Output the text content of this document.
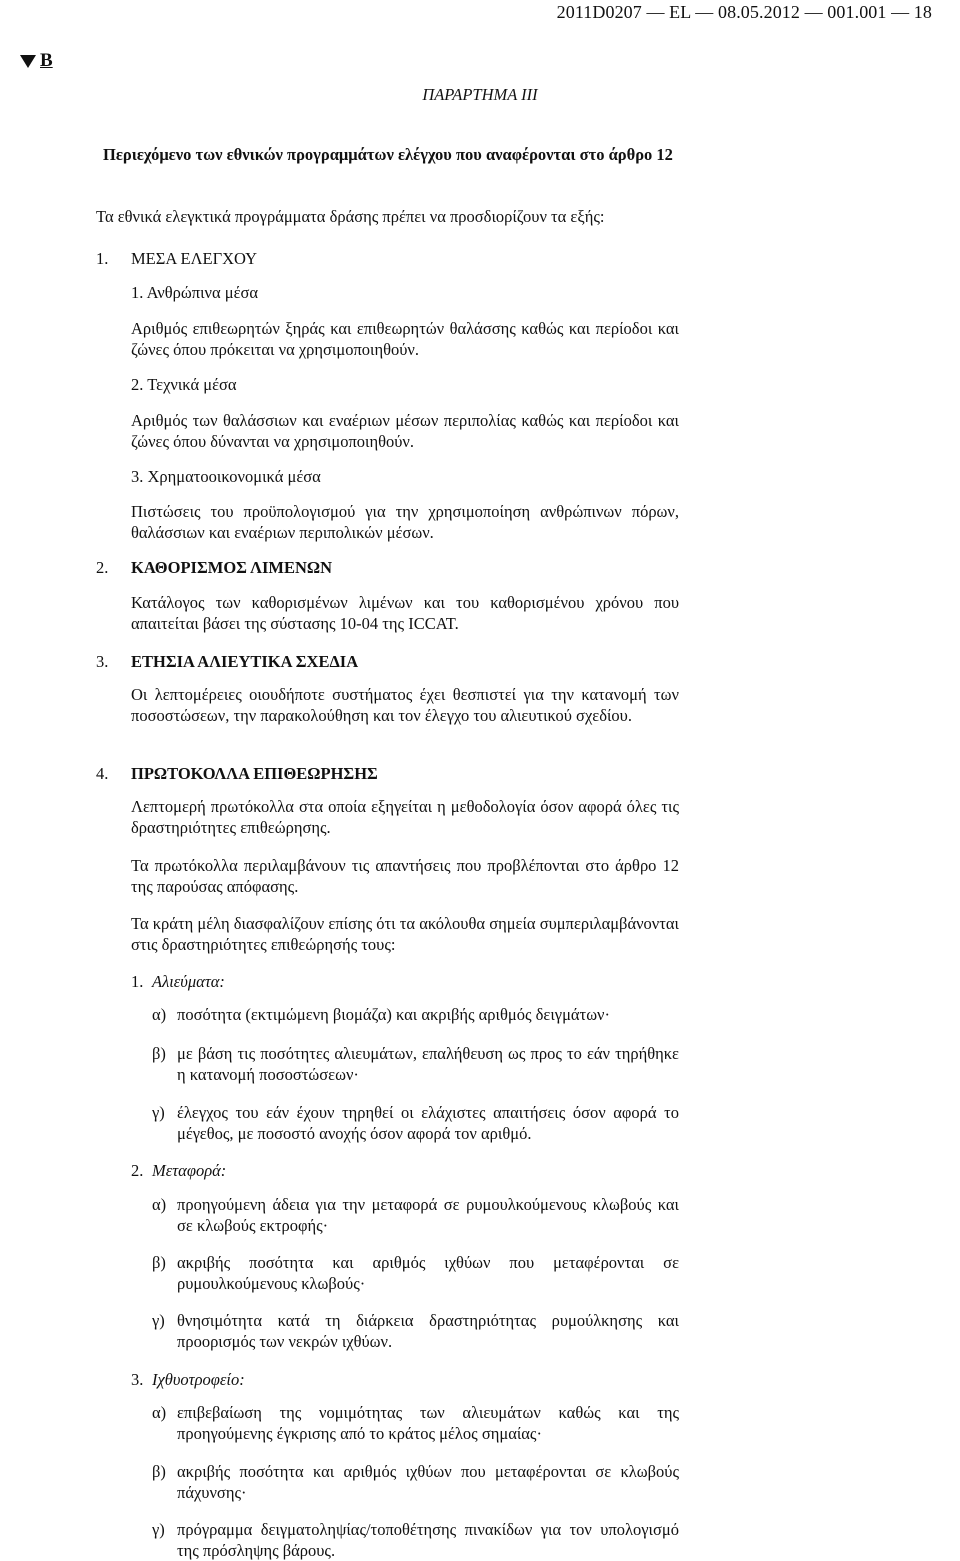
2011D0207 — EL — 08.05.2012 — 001.001 — 18
B
ΠΑΡΑΡΤΗΜΑ III
Περιεχόμενο των εθνικών προγραμμάτων ελέγχου που αναφέρονται στο άρθρο 12
Τα εθνικά ελεγκτικά προγράμματα δράσης πρέπει να προσδιορίζουν τα εξής:
1. ΜΕΣΑ ΕΛΕΓΧΟΥ
1. Ανθρώπινα μέσα
Αριθμός επιθεωρητών ξηράς και επιθεωρητών θαλάσσης καθώς και περίοδοι και ζώνες όπου πρόκειται να χρησιμοποιηθούν.
2. Τεχνικά μέσα
Αριθμός των θαλάσσιων και εναέριων μέσων περιπολίας καθώς και περίοδοι και ζώνες όπου δύνανται να χρησιμοποιηθούν.
3. Χρηματοοικονομικά μέσα
Πιστώσεις του προϋπολογισμού για την χρησιμοποίηση ανθρώπινων πόρων, θαλάσσιων και εναέριων περιπολικών μέσων.
2. ΚΑΘΟΡΙΣΜΟΣ ΛΙΜΕΝΩΝ
Κατάλογος των καθορισμένων λιμένων και του καθορισμένου χρόνου που απαιτείται βάσει της σύστασης 10-04 της ICCAT.
3. ΕΤΗΣΙΑ ΑΛΙΕΥΤΙΚΑ ΣΧΕΔΙΑ
Οι λεπτομέρειες οιουδήποτε συστήματος έχει θεσπιστεί για την κατανομή των ποσοστώσεων, την παρακολούθηση και τον έλεγχο του αλιευτικού σχεδίου.
4. ΠΡΩΤΟΚΟΛΛΑ ΕΠΙΘΕΩΡΗΣΗΣ
Λεπτομερή πρωτόκολλα στα οποία εξηγείται η μεθοδολογία όσον αφορά όλες τις δραστηριότητες επιθεώρησης.
Τα πρωτόκολλα περιλαμβάνουν τις απαντήσεις που προβλέπονται στο άρθρο 12 της παρούσας απόφασης.
Τα κράτη μέλη διασφαλίζουν επίσης ότι τα ακόλουθα σημεία συμπεριλαμβάνονται στις δραστηριότητες επιθεώρησής τους:
1. Αλιεύματα:
α) ποσότητα (εκτιμώμενη βιομάζα) και ακριβής αριθμός δειγμάτων·
β) με βάση τις ποσότητες αλιευμάτων, επαλήθευση ως προς το εάν τηρήθηκε η κατανομή ποσοστώσεων·
γ) έλεγχος του εάν έχουν τηρηθεί οι ελάχιστες απαιτήσεις όσον αφορά το μέγεθος, με ποσοστό ανοχής όσον αφορά τον αριθμό.
2. Μεταφορά:
α) προηγούμενη άδεια για την μεταφορά σε ρυμουλκούμενους κλωβούς και σε κλωβούς εκτροφής·
β) ακριβής ποσότητα και αριθμός ιχθύων που μεταφέρονται σε ρυμουλκούμενους κλωβούς·
γ) θνησιμότητα κατά τη διάρκεια δραστηριότητας ρυμούλκησης και προορισμός των νεκρών ιχθύων.
3. Ιχθυοτροφείο:
α) επιβεβαίωση της νομιμότητας των αλιευμάτων καθώς και της προηγούμενης έγκρισης από το κράτος μέλος σημαίας·
β) ακριβής ποσότητα και αριθμός ιχθύων που μεταφέρονται σε κλωβούς πάχυνσης·
γ) πρόγραμμα δειγματοληψίας/τοποθέτησης πινακίδων για τον υπολογισμό της πρόσληψης βάρους.
